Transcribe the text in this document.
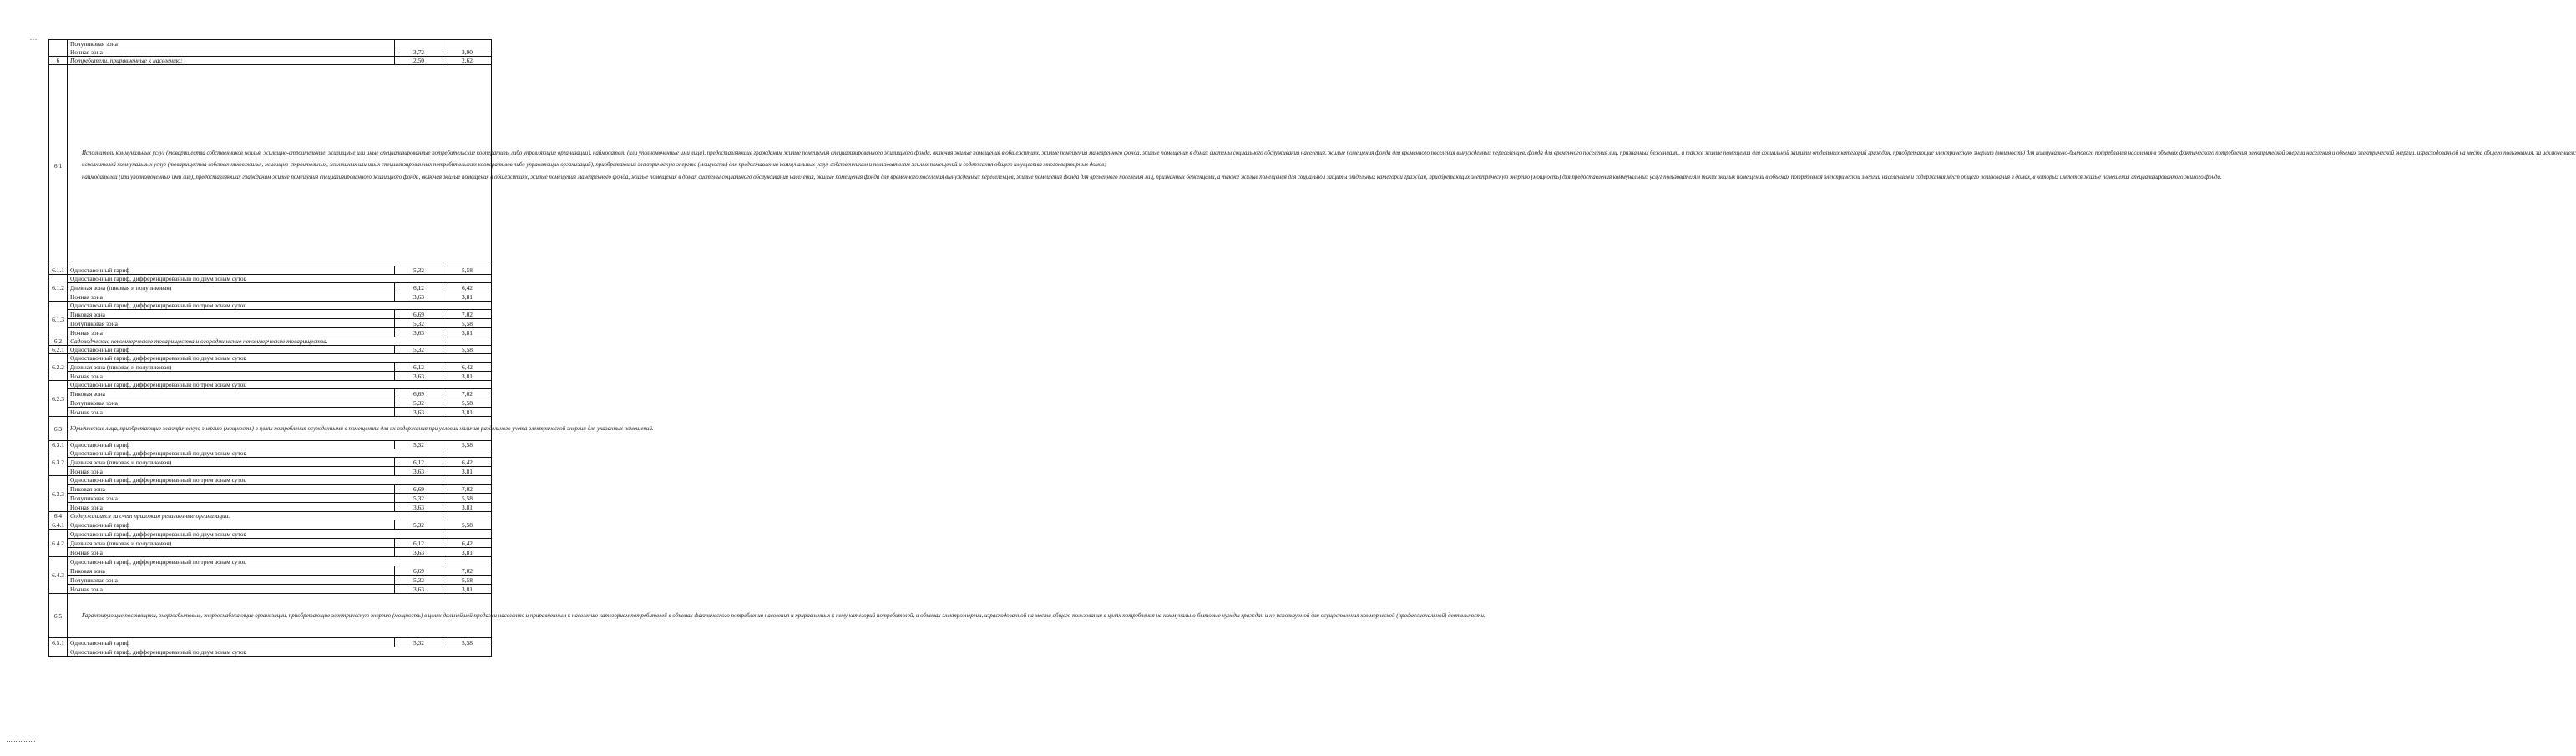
...
	Полупиковая зона		
	Ночная зона	3,72	3,90
6	Потребители, приравненные к населению:	2,50	2,62
6.1	Исполнители коммунальных услуг (товарищества собственников жилья, жилищно-строительные, жилищные или иные специализированные потребительские кооперативы либо управляющие организации), наймодатели (или уполномоченные ими лица), предоставляющие гражданам жилые помещения специализированного жилищного фонда, включая жилые помещения в общежитиях, жилые помещения маневренного фонда, жилые помещения в домах системы социального обслуживания населения, жилые помещения фонда для временного поселения вынужденных переселенцев, фонда для временного поселения лиц, признанных беженцами, а также жилые помещения для социальной защиты отдельных категорий граждан, приобретающие электрическую энергию (мощность) для коммунально-бытового потребления населения в объемах фактического потребления электрической энергии населения и объемах электрической энергии, израсходованной на места общего пользования, за исключением:

исполнителей коммунальных услуг (товарищества собственников жилья, жилищно-строительных, жилищных или иных специализированных потребительских кооперативов либо управляющих организаций), приобретающих электрическую энергию (мощность) для предоставления коммунальных услуг собственникам и пользователям жилых помещений и содержания общего имущества многоквартирных домов;

наймодателей (или уполномоченных ими лиц), предоставляющих гражданам жилые помещения специализированного жилищного фонда, включая жилые помещения в общежитиях, жилые помещения маневренного фонда, жилые помещения в домах системы социального обслуживания населения, жилые помещения фонда для временного поселения вынужденных переселенцев, жилые помещения фонда для временного поселения лиц, признанных беженцами, а также жилые помещения для социальной защиты отдельных категорий граждан, приобретающих электрическую энергию (мощность) для предоставления коммунальных услуг пользователям таких жилых помещений в объемах потребления электрической энергии населением и содержания мест общего пользования в домах, в которых имеются жилые помещения специализированного жилого фонда.		

6.1.1	Одноставочный тариф	5,32	5,58
6.1.2	Одноставочный тариф, дифференцированный по двум зонам суток		
	Дневная зона (пиковая и полупиковая)	6,12	6,42
	Ночная зона	3,63	3,81
6.1.3	Одноставочный тариф, дифференцированный по трем зонам суток		
	Пиковая зона	6,69	7,02
	Полупиковая зона	5,32	5,58
	Ночная зона	3,63	3,81
6.2	Садоводческие некоммерческие товарищества и огороднические некоммерческие товарищества.		
6.2.1	Одноставочный тариф	5,32	5,58
6.2.2	Одноставочный тариф, дифференцированный по двум зонам суток		
	Дневная зона (пиковая и полупиковая)	6,12	6,42
	Ночная зона	3,63	3,81
6.2.3	Одноставочный тариф, дифференцированный по трем зонам суток		
	Пиковая зона	6,69	7,02
	Полупиковая зона	5,32	5,58
	Ночная зона	3,63	3,81
6.3	Юридические лица, приобретающие электрическую энергию (мощность) в целях потребления осужденными в помещениях для их содержания при условии наличия раздельного учета электрической энергии для указанных помещений.		
6.3.1	Одноставочный тариф	5,32	5,58
6.3.2	Одноставочный тариф, дифференцированный по двум зонам суток		
	Дневная зона (пиковая и полупиковая)	6,12	6,42
	Ночная зона	3,63	3,81
6.3.3	Одноставочный тариф, дифференцированный по трем зонам суток		
	Пиковая зона	6,69	7,02
	Полупиковая зона	5,32	5,58
	Ночная зона	3,63	3,81
6.4	Содержащиеся за счет прихожан религиозные организации.		
6.4.1	Одноставочный тариф	5,32	5,58
6.4.2	Одноставочный тариф, дифференцированный по двум зонам суток		
	Дневная зона (пиковая и полупиковая)	6,12	6,42
	Ночная зона	3,63	3,81
6.4.3	Одноставочный тариф, дифференцированный по трем зонам суток		
	Пиковая зона	6,69	7,02
	Полупиковая зона	5,32	5,58
	Ночная зона	3,63	3,81
6.5	Гарантирующие поставщики, энергосбытовые, энергоснабжающие организации, приобретающие электрическую энергию (мощность) в целях дальнейшей продажи населению и приравненным к населению категориям потребителей в объемах фактического потребления населения и приравненных к нему категорий потребителей, и объемах электроэнергии, израсходованной на места общего пользования в целях потребления на коммунально-бытовые нужды граждан и не используемой для осуществления коммерческой (профессиональной) деятельности.		
6.5.1	Одноставочный тариф	5,32	5,58
	Одноставочный тариф, дифференцированный по двум зонам суток		
